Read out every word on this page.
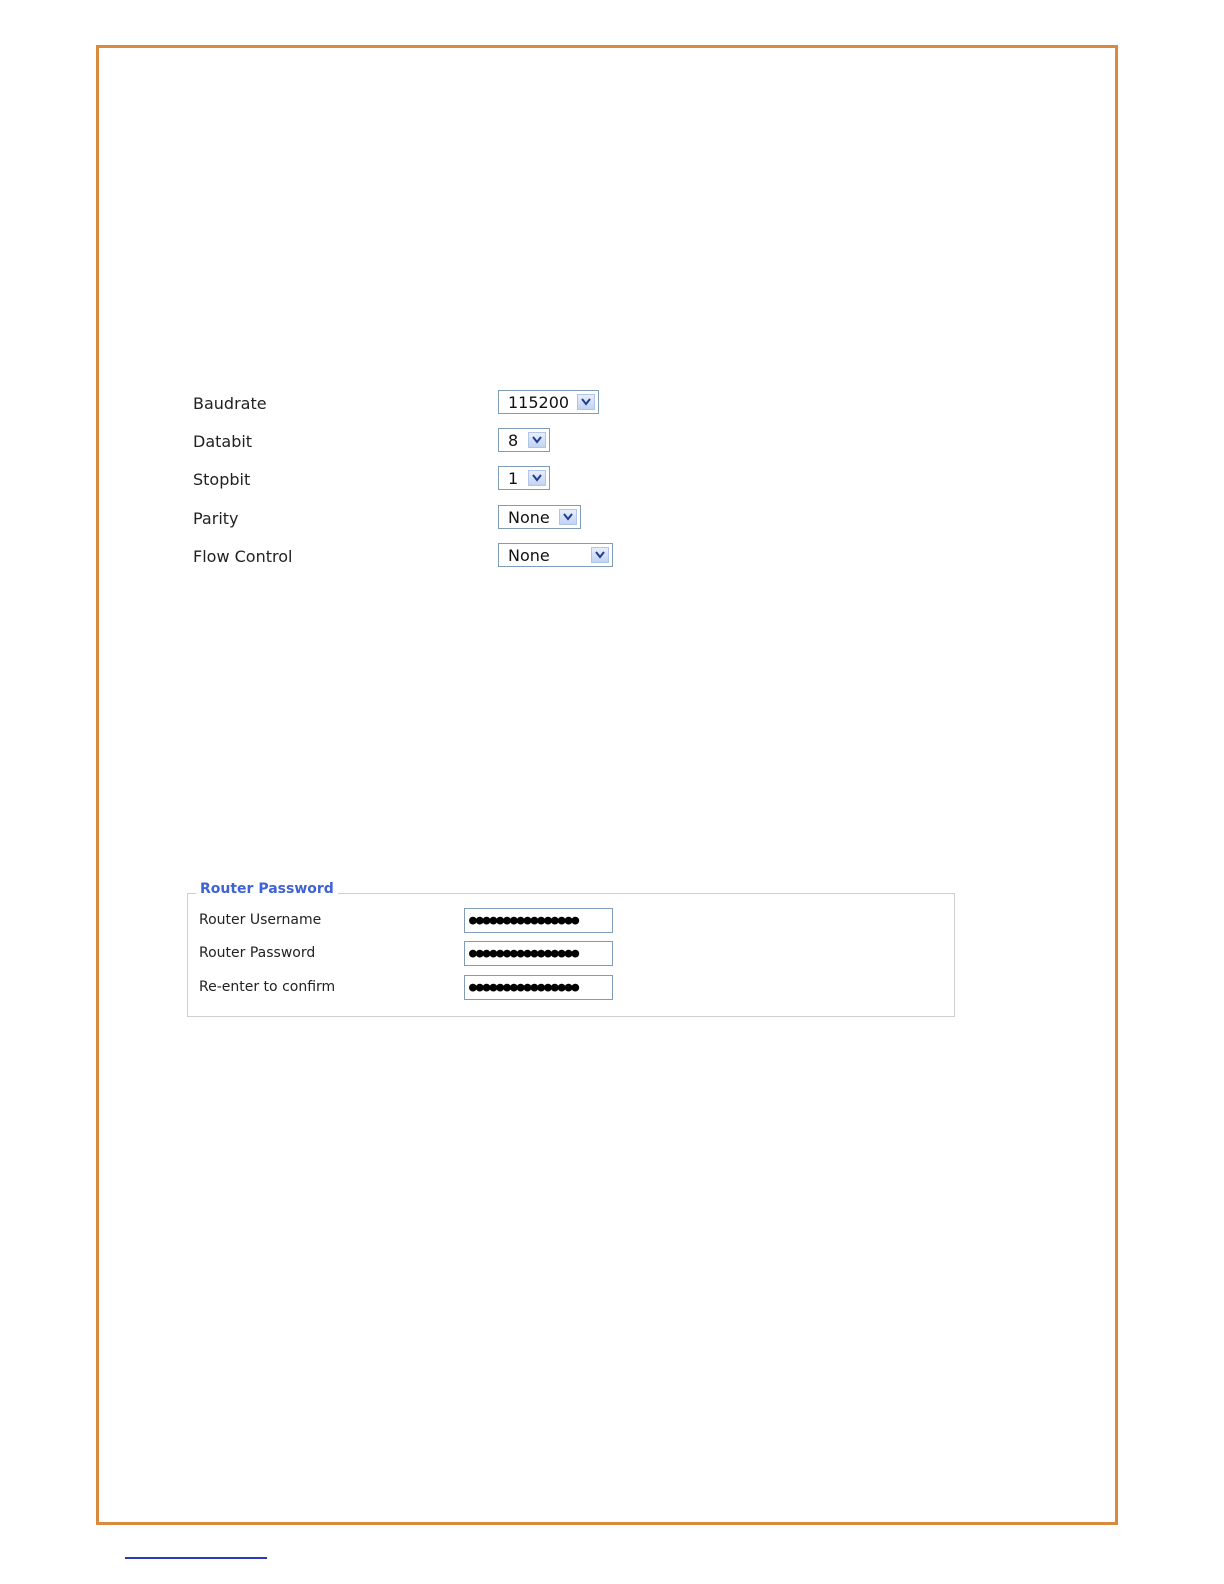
Baudrate	115200
Databit	8
Stopbit	1
Parity	None
Flow Control	None
Router Password
Router Username	●●●●●●●●●●●●●●●●
Router Password	●●●●●●●●●●●●●●●●
Re-enter to confirm	●●●●●●●●●●●●●●●●
